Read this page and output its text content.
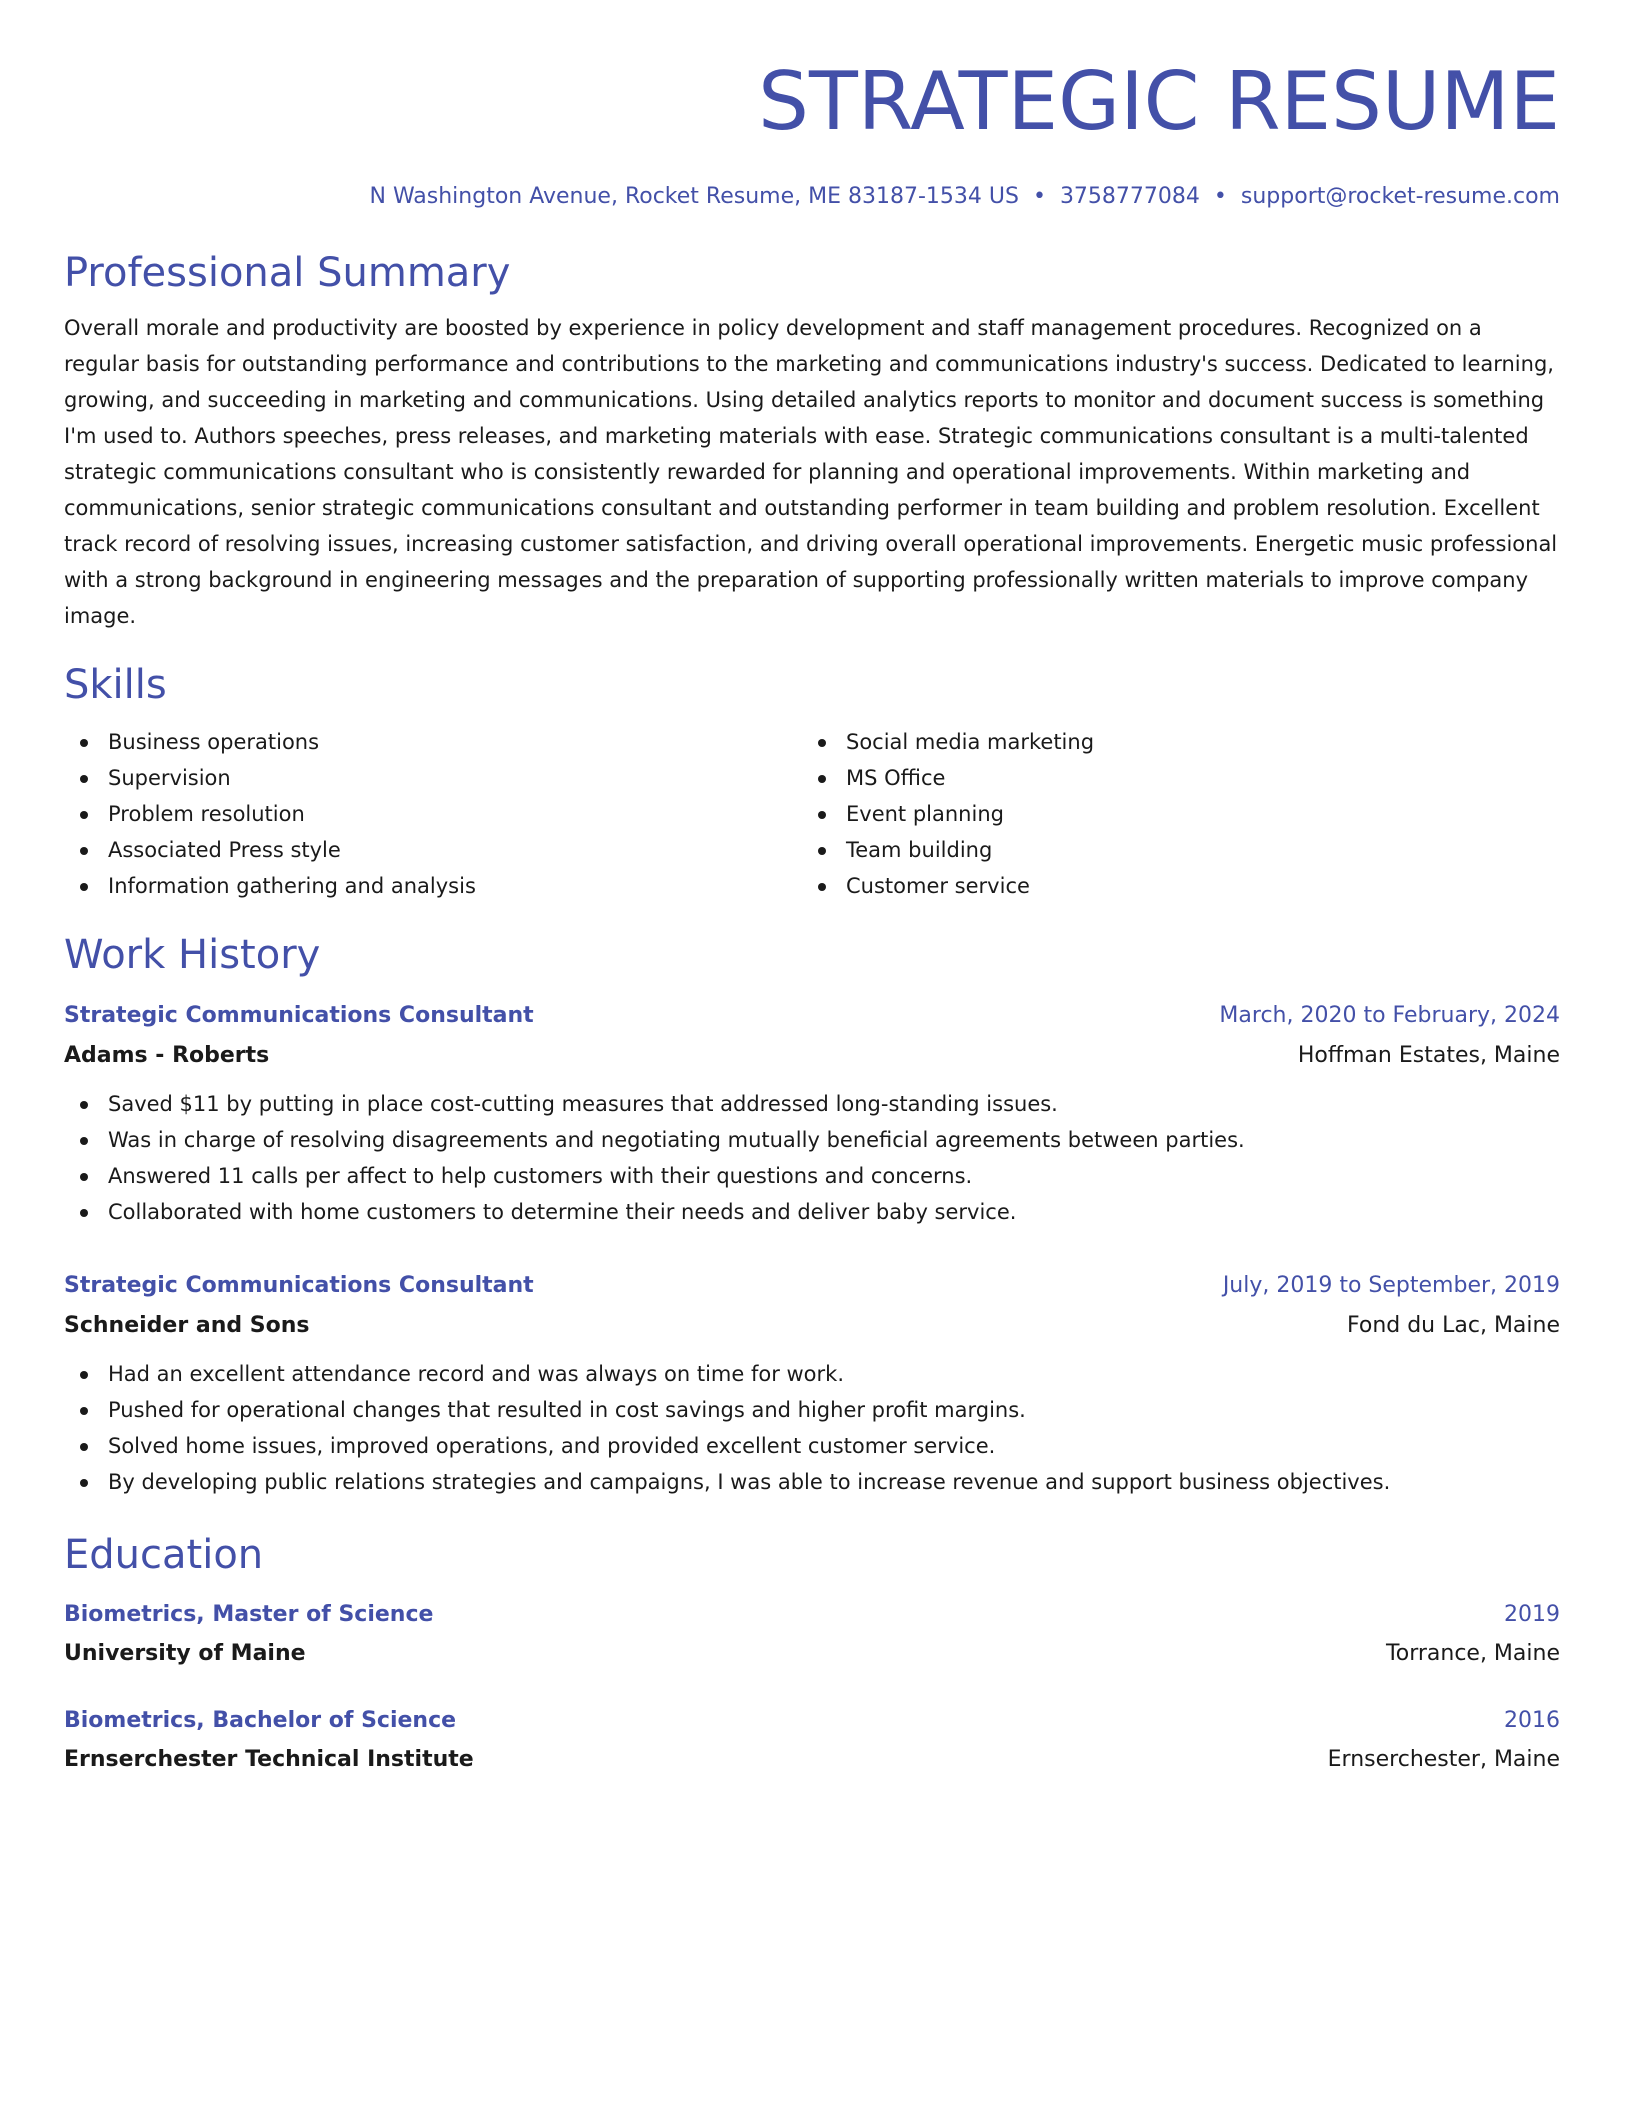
STRATEGIC RESUME
N Washington Avenue, Rocket Resume, ME 83187-1534 US • 3758777084 • support@rocket-resume.com
Professional Summary
Overall morale and productivity are boosted by experience in policy development and staff management procedures. Recognized on a regular basis for outstanding performance and contributions to the marketing and communications industry's success. Dedicated to learning, growing, and succeeding in marketing and communications. Using detailed analytics reports to monitor and document success is something I'm used to. Authors speeches, press releases, and marketing materials with ease. Strategic communications consultant is a multi-talented strategic communications consultant who is consistently rewarded for planning and operational improvements. Within marketing and communications, senior strategic communications consultant and outstanding performer in team building and problem resolution. Excellent track record of resolving issues, increasing customer satisfaction, and driving overall operational improvements. Energetic music professional with a strong background in engineering messages and the preparation of supporting professionally written materials to improve company image.
Skills
Business operations
Supervision
Problem resolution
Associated Press style
Information gathering and analysis
Social media marketing
MS Office
Event planning
Team building
Customer service
Work History
Strategic Communications Consultant	March, 2020 to February, 2024
Adams - Roberts	Hoffman Estates, Maine
Saved $11 by putting in place cost-cutting measures that addressed long-standing issues.
Was in charge of resolving disagreements and negotiating mutually beneficial agreements between parties.
Answered 11 calls per affect to help customers with their questions and concerns.
Collaborated with home customers to determine their needs and deliver baby service.
Strategic Communications Consultant	July, 2019 to September, 2019
Schneider and Sons	Fond du Lac, Maine
Had an excellent attendance record and was always on time for work.
Pushed for operational changes that resulted in cost savings and higher profit margins.
Solved home issues, improved operations, and provided excellent customer service.
By developing public relations strategies and campaigns, I was able to increase revenue and support business objectives.
Education
Biometrics, Master of Science	2019
University of Maine	Torrance, Maine
Biometrics, Bachelor of Science	2016
Ernserchester Technical Institute	Ernserchester, Maine
